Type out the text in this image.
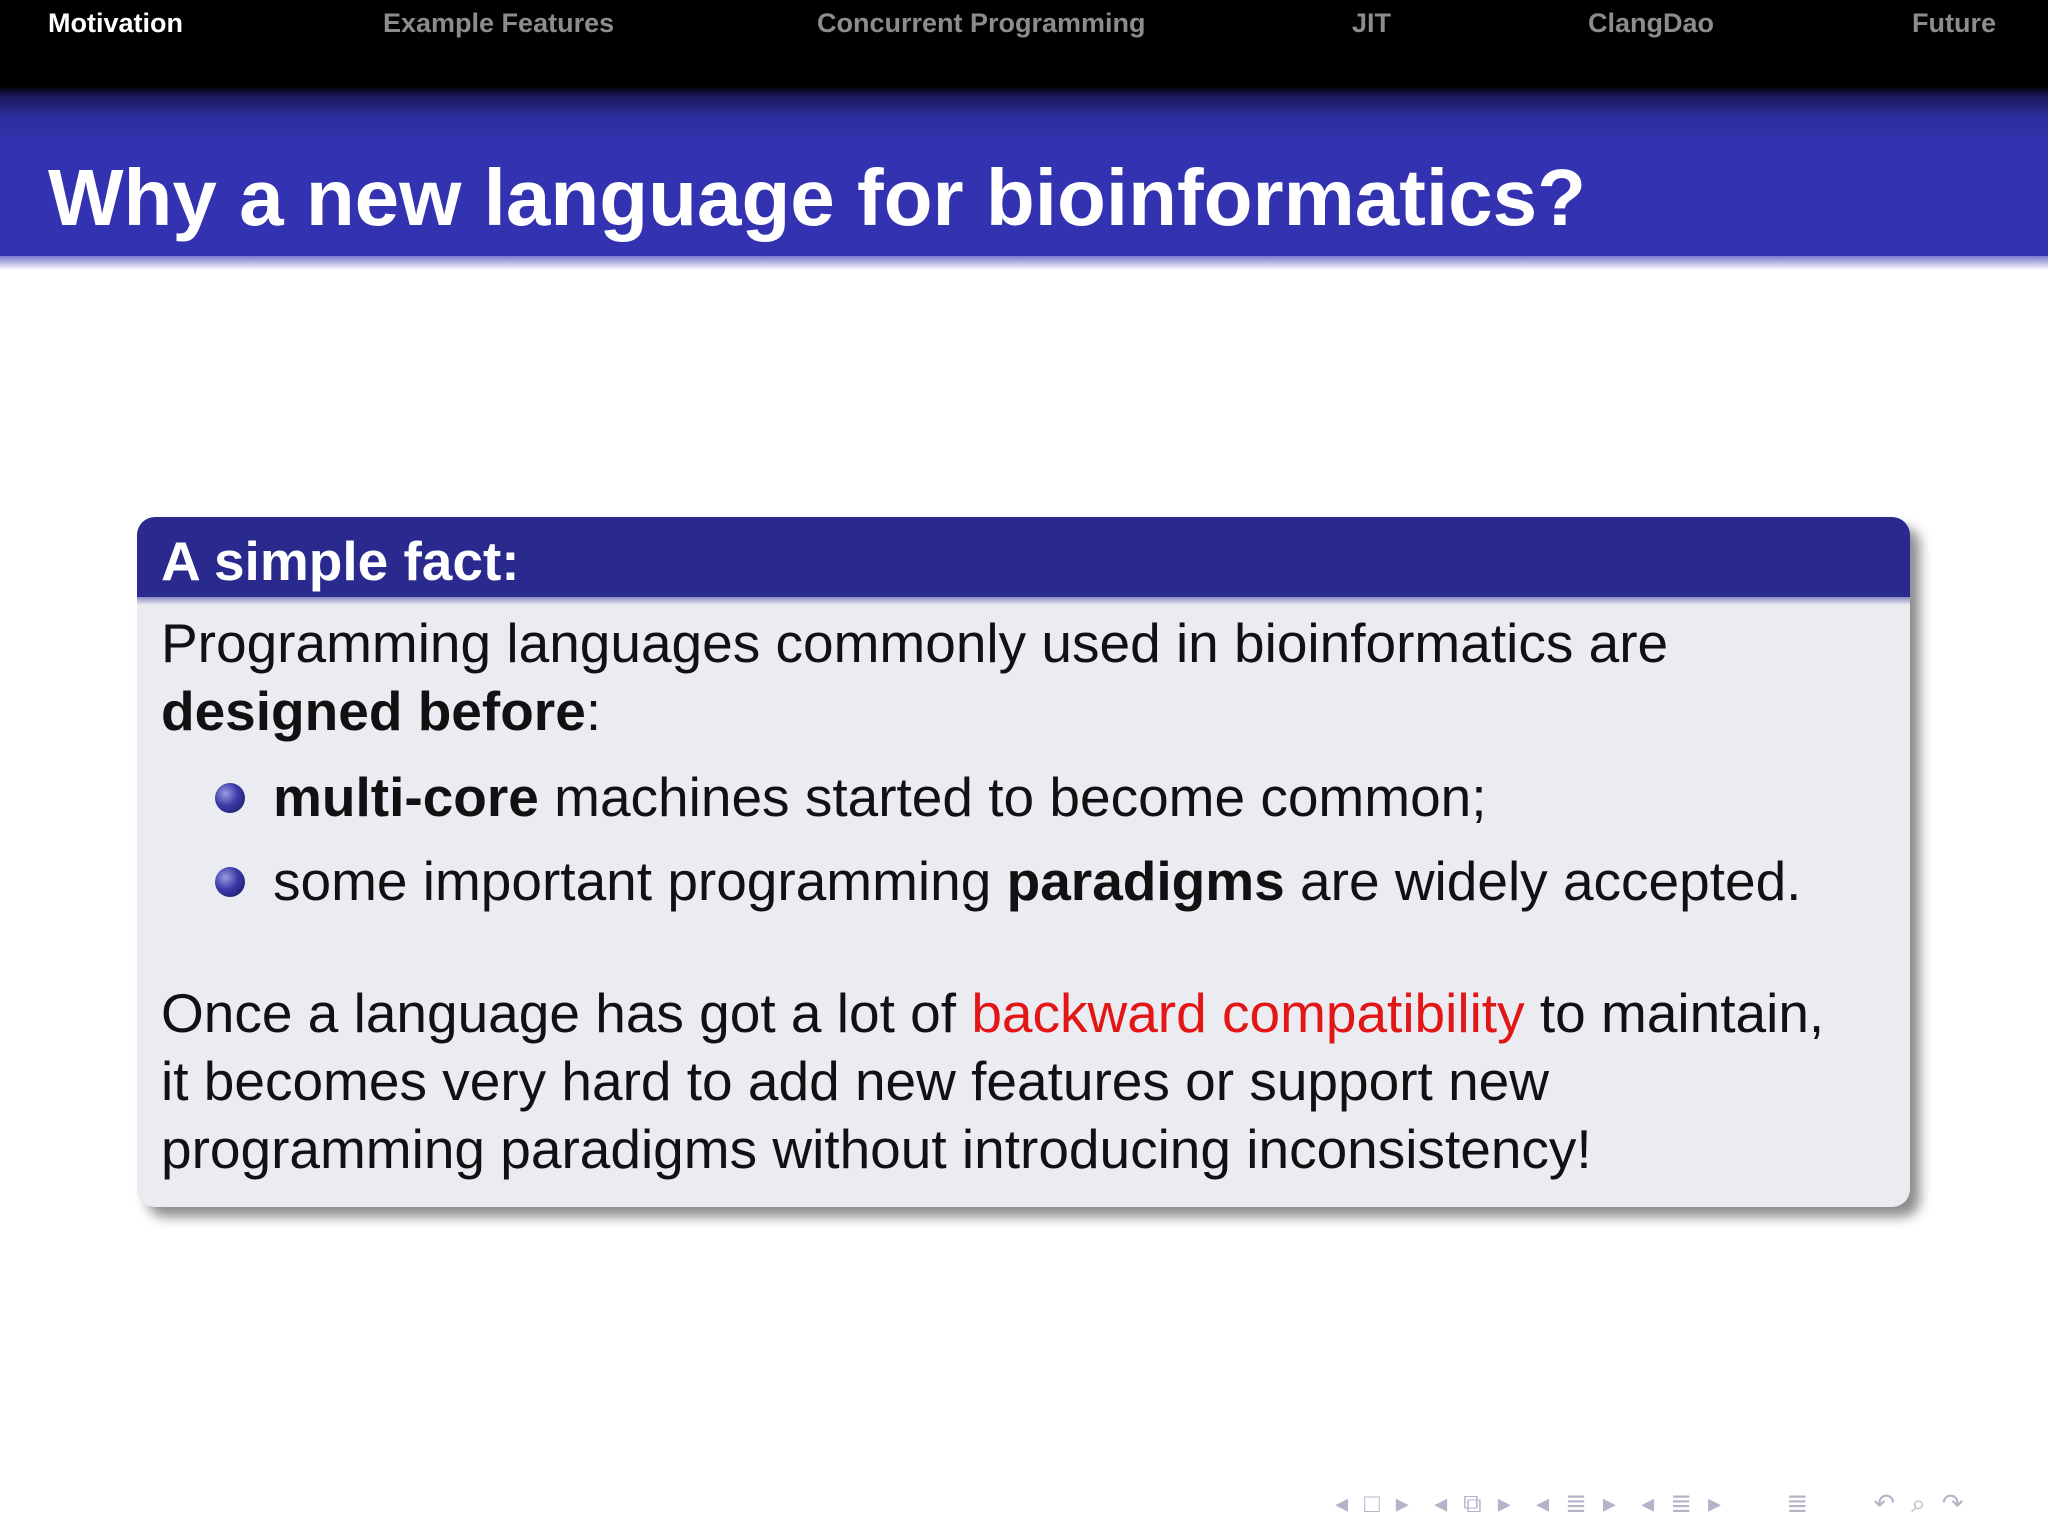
Motivation	Example Features	Concurrent Programming	JIT	ClangDao	Future
Why a new language for bioinformatics?
A simple fact:

Programming languages commonly used in bioinformatics are
designed before:

multi-core machines started to become common;
some important programming paradigms are widely accepted.

Once a language has got a lot of backward compatibility to maintain,
it becomes very hard to add new features or support new
programming paradigms without introducing inconsistency!

◂ □ ▸ ◂ ⧉ ▸ ◂ ≣ ▸ ◂ ≣ ▸ ≣ ↶ ⌕ ↷
